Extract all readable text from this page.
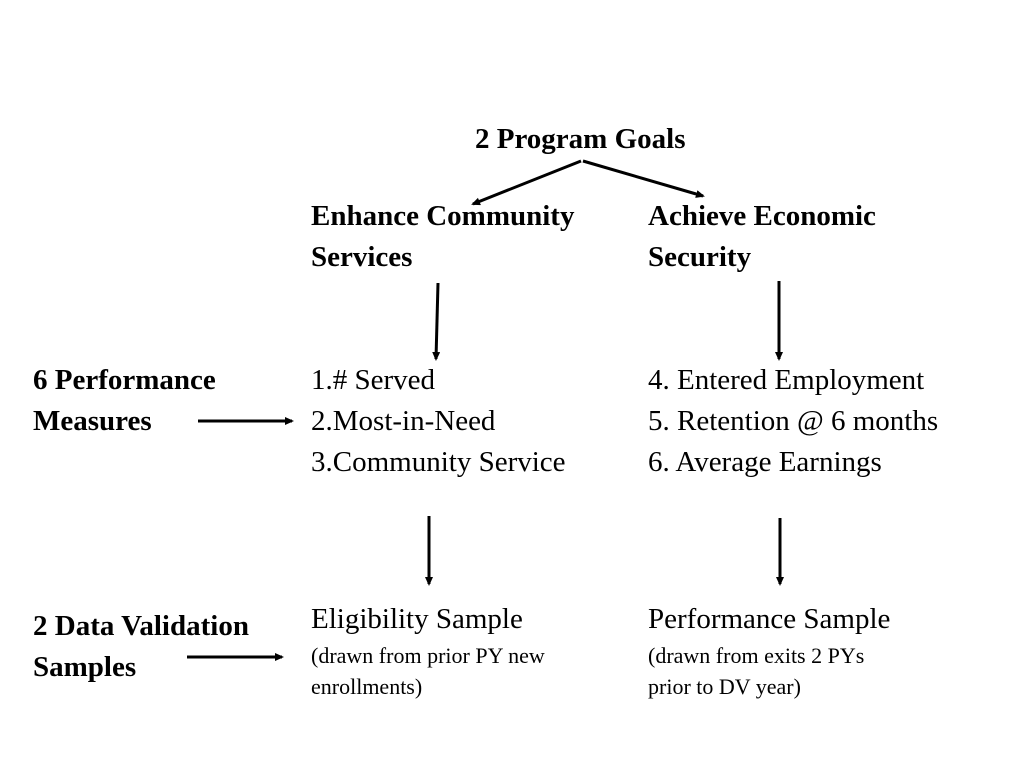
2 Program Goals
Enhance Community
Services
Achieve Economic
Security
6 Performance
Measures
1.# Served
2.Most-in-Need
3.Community Service
4. Entered Employment
5. Retention @ 6 months
6. Average Earnings
2 Data Validation
Samples
Eligibility Sample
(drawn from prior PY new
enrollments)
Performance Sample
(drawn from exits 2 PYs
prior to DV year)
